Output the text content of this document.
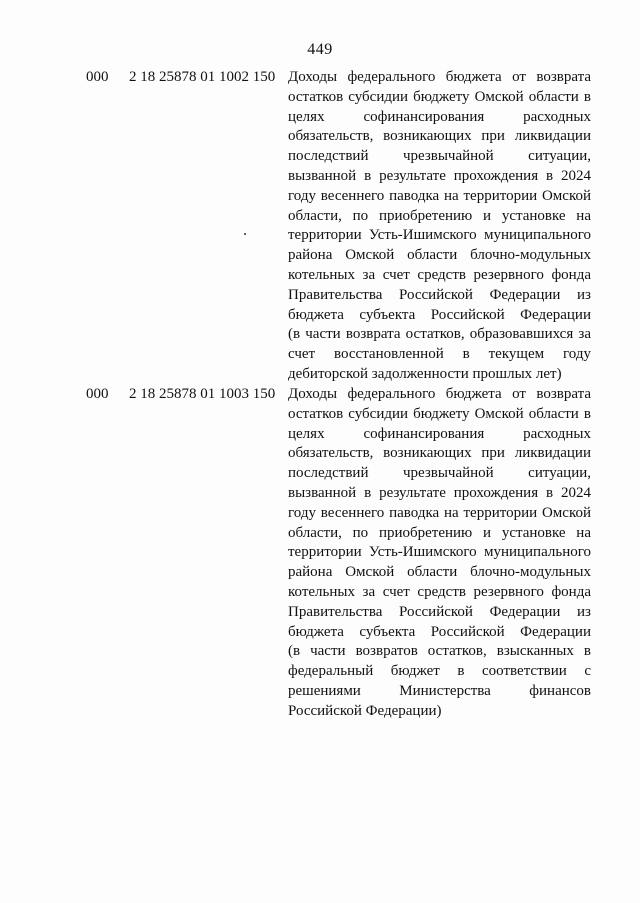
449
000 2 18 25878 01 1002 150 Доходы федерального бюджета от возврата
остатков субсидии бюджету Омской области в
целях софинансирования расходных
обязательств, возникающих при ликвидации
последствий чрезвычайной ситуации,
вызванной в результате прохождения в 2024
году весеннего паводка на территории Омской
области, по приобретению и установке на
территории Усть-Ишимского муниципального
района Омской области блочно-модульных
котельных за счет средств резервного фонда
Правительства Российской Федерации из
бюджета субъекта Российской Федерации
(в части возврата остатков, образовавшихся за
счет восстановленной в текущем году
дебиторской задолженности прошлых лет)
000 2 18 25878 01 1003 150 Доходы федерального бюджета от возврата
остатков субсидии бюджету Омской области в
целях софинансирования расходных
обязательств, возникающих при ликвидации
последствий чрезвычайной ситуации,
вызванной в результате прохождения в 2024
году весеннего паводка на территории Омской
области, по приобретению и установке на
территории Усть-Ишимского муниципального
района Омской области блочно-модульных
котельных за счет средств резервного фонда
Правительства Российской Федерации из
бюджета субъекта Российской Федерации
(в части возвратов остатков, взысканных в
федеральный бюджет в соответствии с
решениями Министерства финансов
Российской Федерации)
